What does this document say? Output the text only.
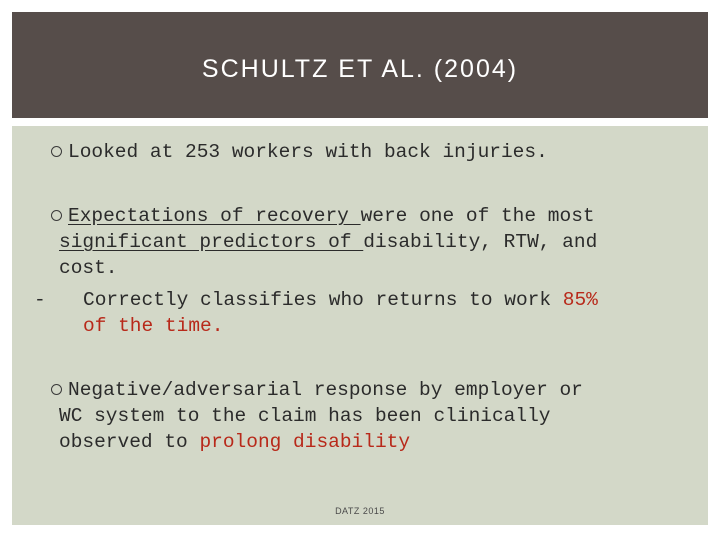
SCHULTZ ET AL. (2004)
Looked at 253 workers with back injuries.
Expectations of recovery were one of the most
significant predictors of disability, RTW, and
cost.
- Correctly classifies who returns to work 85%
of the time.
Negative/adversarial response by employer or
WC system to the claim has been clinically
observed to prolong disability
DATZ 2015
